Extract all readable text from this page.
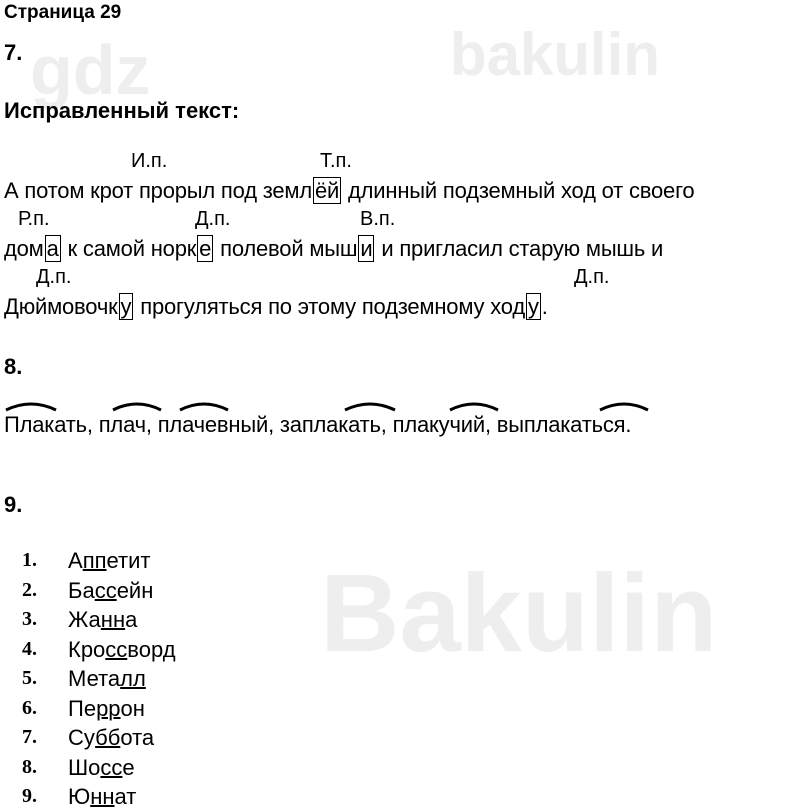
gdz	bakulin
Bakulin
Страница 29
7.
Исправленный текст:
И.п.	Т.п.
А потом крот прорыл под земл ёй длинный подземный ход от своего
Р.п.	Д.п.	В.п.
дом а к самой норк е полевой мыш и и пригласил старую мышь и
Д.п.	Д.п.
Дюймовочк у прогуляться по этому подземному ход у .
8.
Плакать, плач, плачевный, заплакать, плакучий, выплакаться.
9.
1. Аппетит
2. Бассейн
3. Жанна
4. Кроссворд
5. Металл
6. Перрон
7. Суббота
8. Шоссе
9. Юннат
